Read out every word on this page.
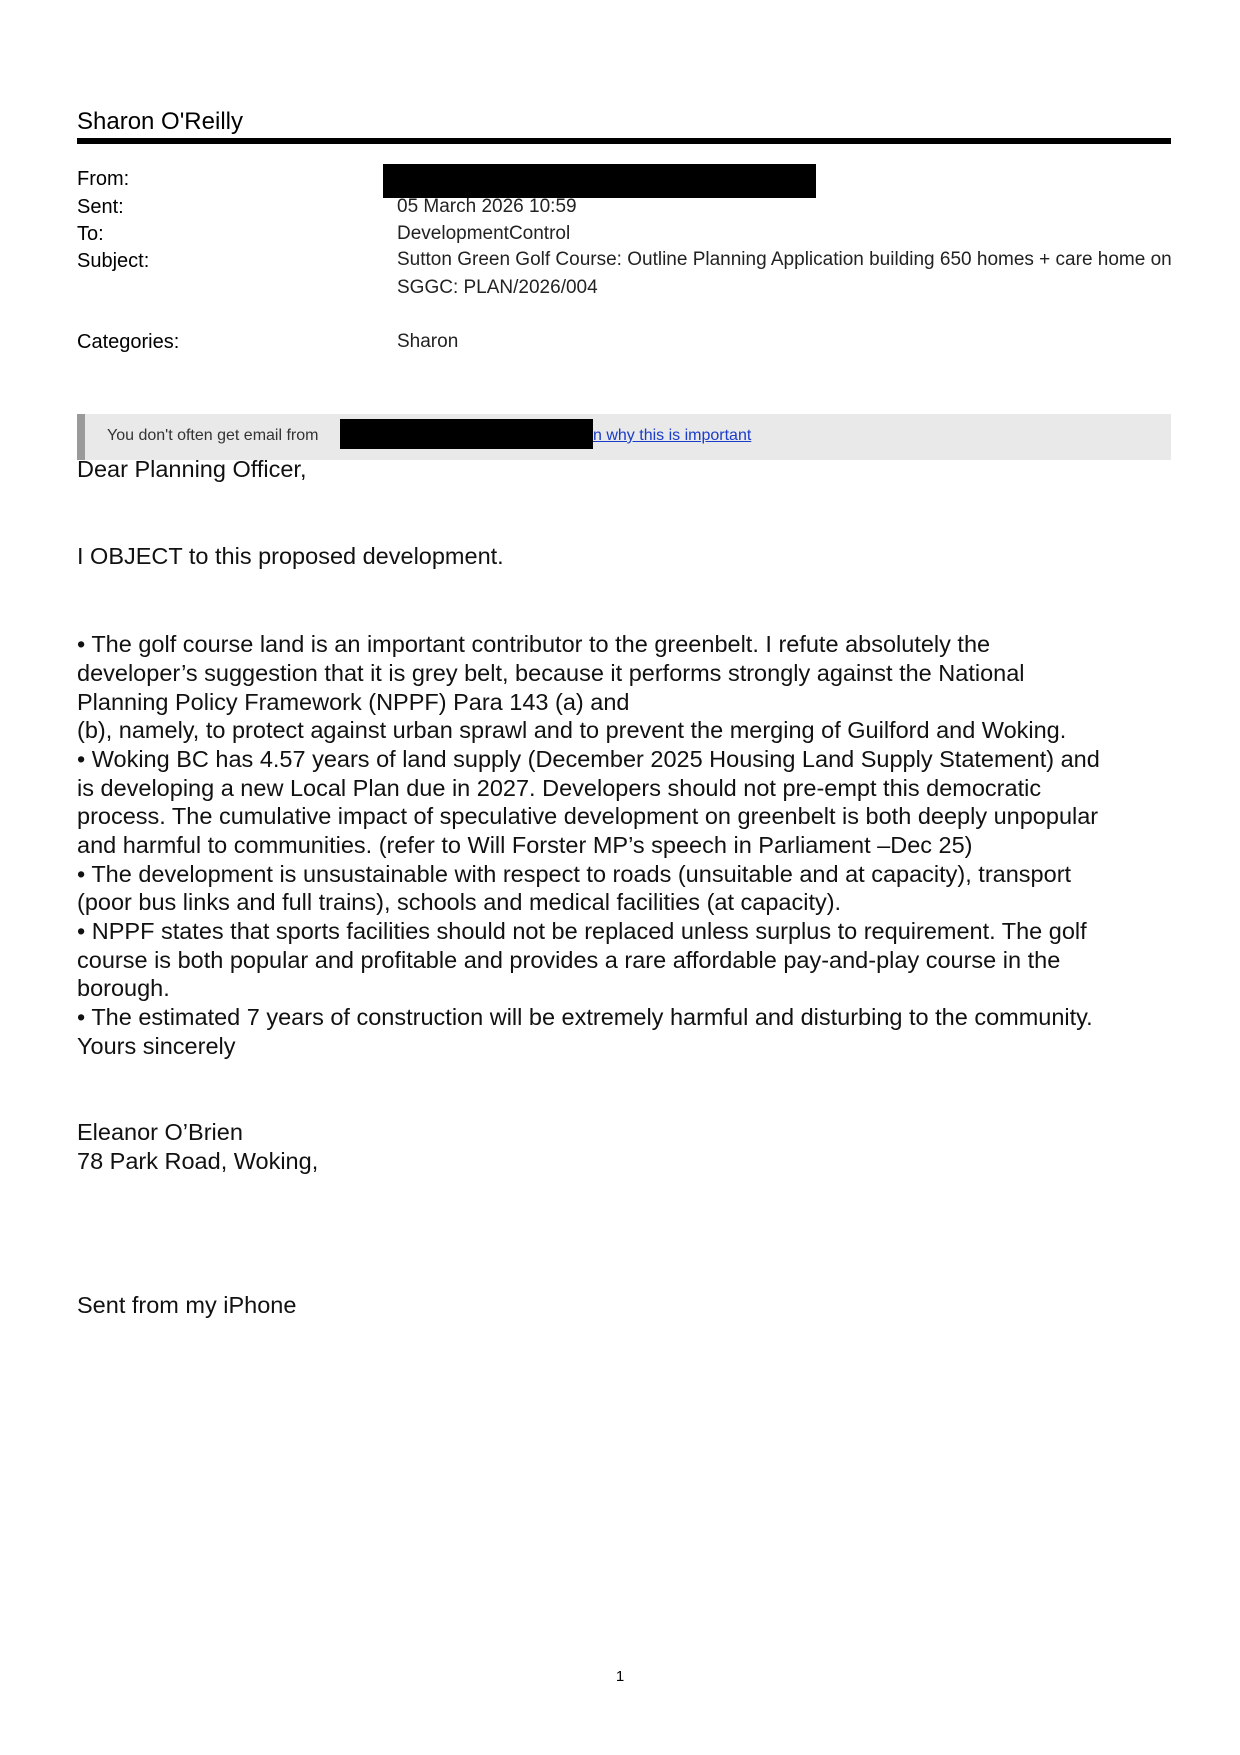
Sharon O'Reilly
From:
Sent:	05 March 2026 10:59
To:	DevelopmentControl
Subject:	Sutton Green Golf Course: Outline Planning Application building 650 homes + care home on SGGC: PLAN/2026/004
Categories:	Sharon
You don't often get email from	n why this is important
Dear Planning Officer,
I OBJECT to this proposed development.
• The golf course land is an important contributor to the greenbelt. I refute absolutely the
developer’s suggestion that it is grey belt, because it performs strongly against the National
Planning Policy Framework (NPPF) Para 143 (a) and
(b), namely, to protect against urban sprawl and to prevent the merging of Guilford and Woking.
• Woking BC has 4.57 years of land supply (December 2025 Housing Land Supply Statement) and
is developing a new Local Plan due in 2027. Developers should not pre-empt this democratic
process. The cumulative impact of speculative development on greenbelt is both deeply unpopular
and harmful to communities. (refer to Will Forster MP’s speech in Parliament –Dec 25)
• The development is unsustainable with respect to roads (unsuitable and at capacity), transport
(poor bus links and full trains), schools and medical facilities (at capacity).
• NPPF states that sports facilities should not be replaced unless surplus to requirement. The golf
course is both popular and profitable and provides a rare affordable pay-and-play course in the
borough.
• The estimated 7 years of construction will be extremely harmful and disturbing to the community.
Yours sincerely
Eleanor O’Brien
78 Park Road, Woking,
Sent from my iPhone
1
